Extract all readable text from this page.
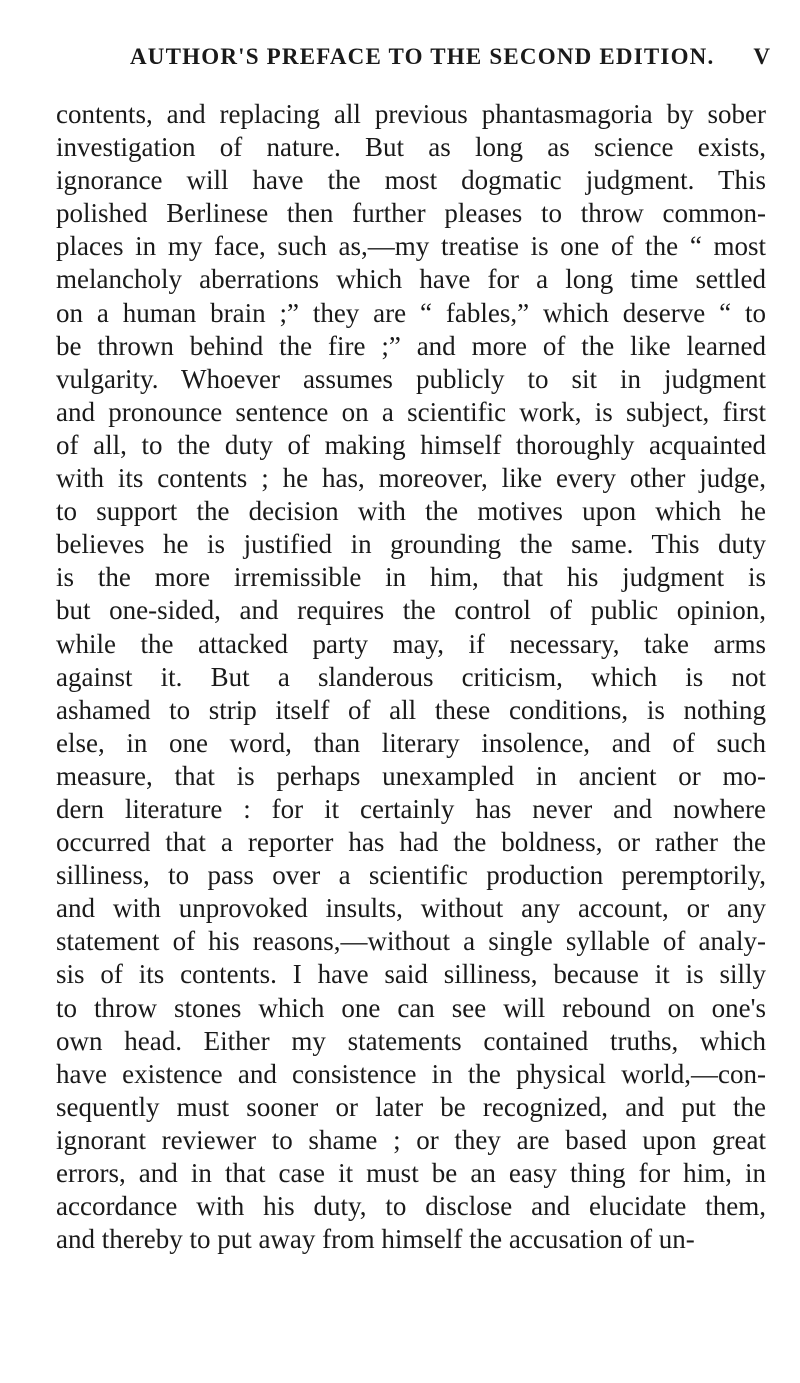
AUTHOR'S PREFACE TO THE SECOND EDITION. V
contents, and replacing all previous phantasmagoria by sober
investigation of nature. But as long as science exists,
ignorance will have the most dogmatic judgment. This
polished Berlinese then further pleases to throw common-
places in my face, such as,—my treatise is one of the “ most
melancholy aberrations which have for a long time settled
on a human brain ;” they are “ fables,” which deserve “ to
be thrown behind the fire ;” and more of the like learned
vulgarity. Whoever assumes publicly to sit in judgment
and pronounce sentence on a scientific work, is subject, first
of all, to the duty of making himself thoroughly acquainted
with its contents ; he has, moreover, like every other judge,
to support the decision with the motives upon which he
believes he is justified in grounding the same. This duty
is the more irremissible in him, that his judgment is
but one-sided, and requires the control of public opinion,
while the attacked party may, if necessary, take arms
against it. But a slanderous criticism, which is not
ashamed to strip itself of all these conditions, is nothing
else, in one word, than literary insolence, and of such
measure, that is perhaps unexampled in ancient or mo-
dern literature : for it certainly has never and nowhere
occurred that a reporter has had the boldness, or rather the
silliness, to pass over a scientific production peremptorily,
and with unprovoked insults, without any account, or any
statement of his reasons,—without a single syllable of analy-
sis of its contents. I have said silliness, because it is silly
to throw stones which one can see will rebound on one's
own head. Either my statements contained truths, which
have existence and consistence in the physical world,—con-
sequently must sooner or later be recognized, and put the
ignorant reviewer to shame ; or they are based upon great
errors, and in that case it must be an easy thing for him, in
accordance with his duty, to disclose and elucidate them,
and thereby to put away from himself the accusation of un-
